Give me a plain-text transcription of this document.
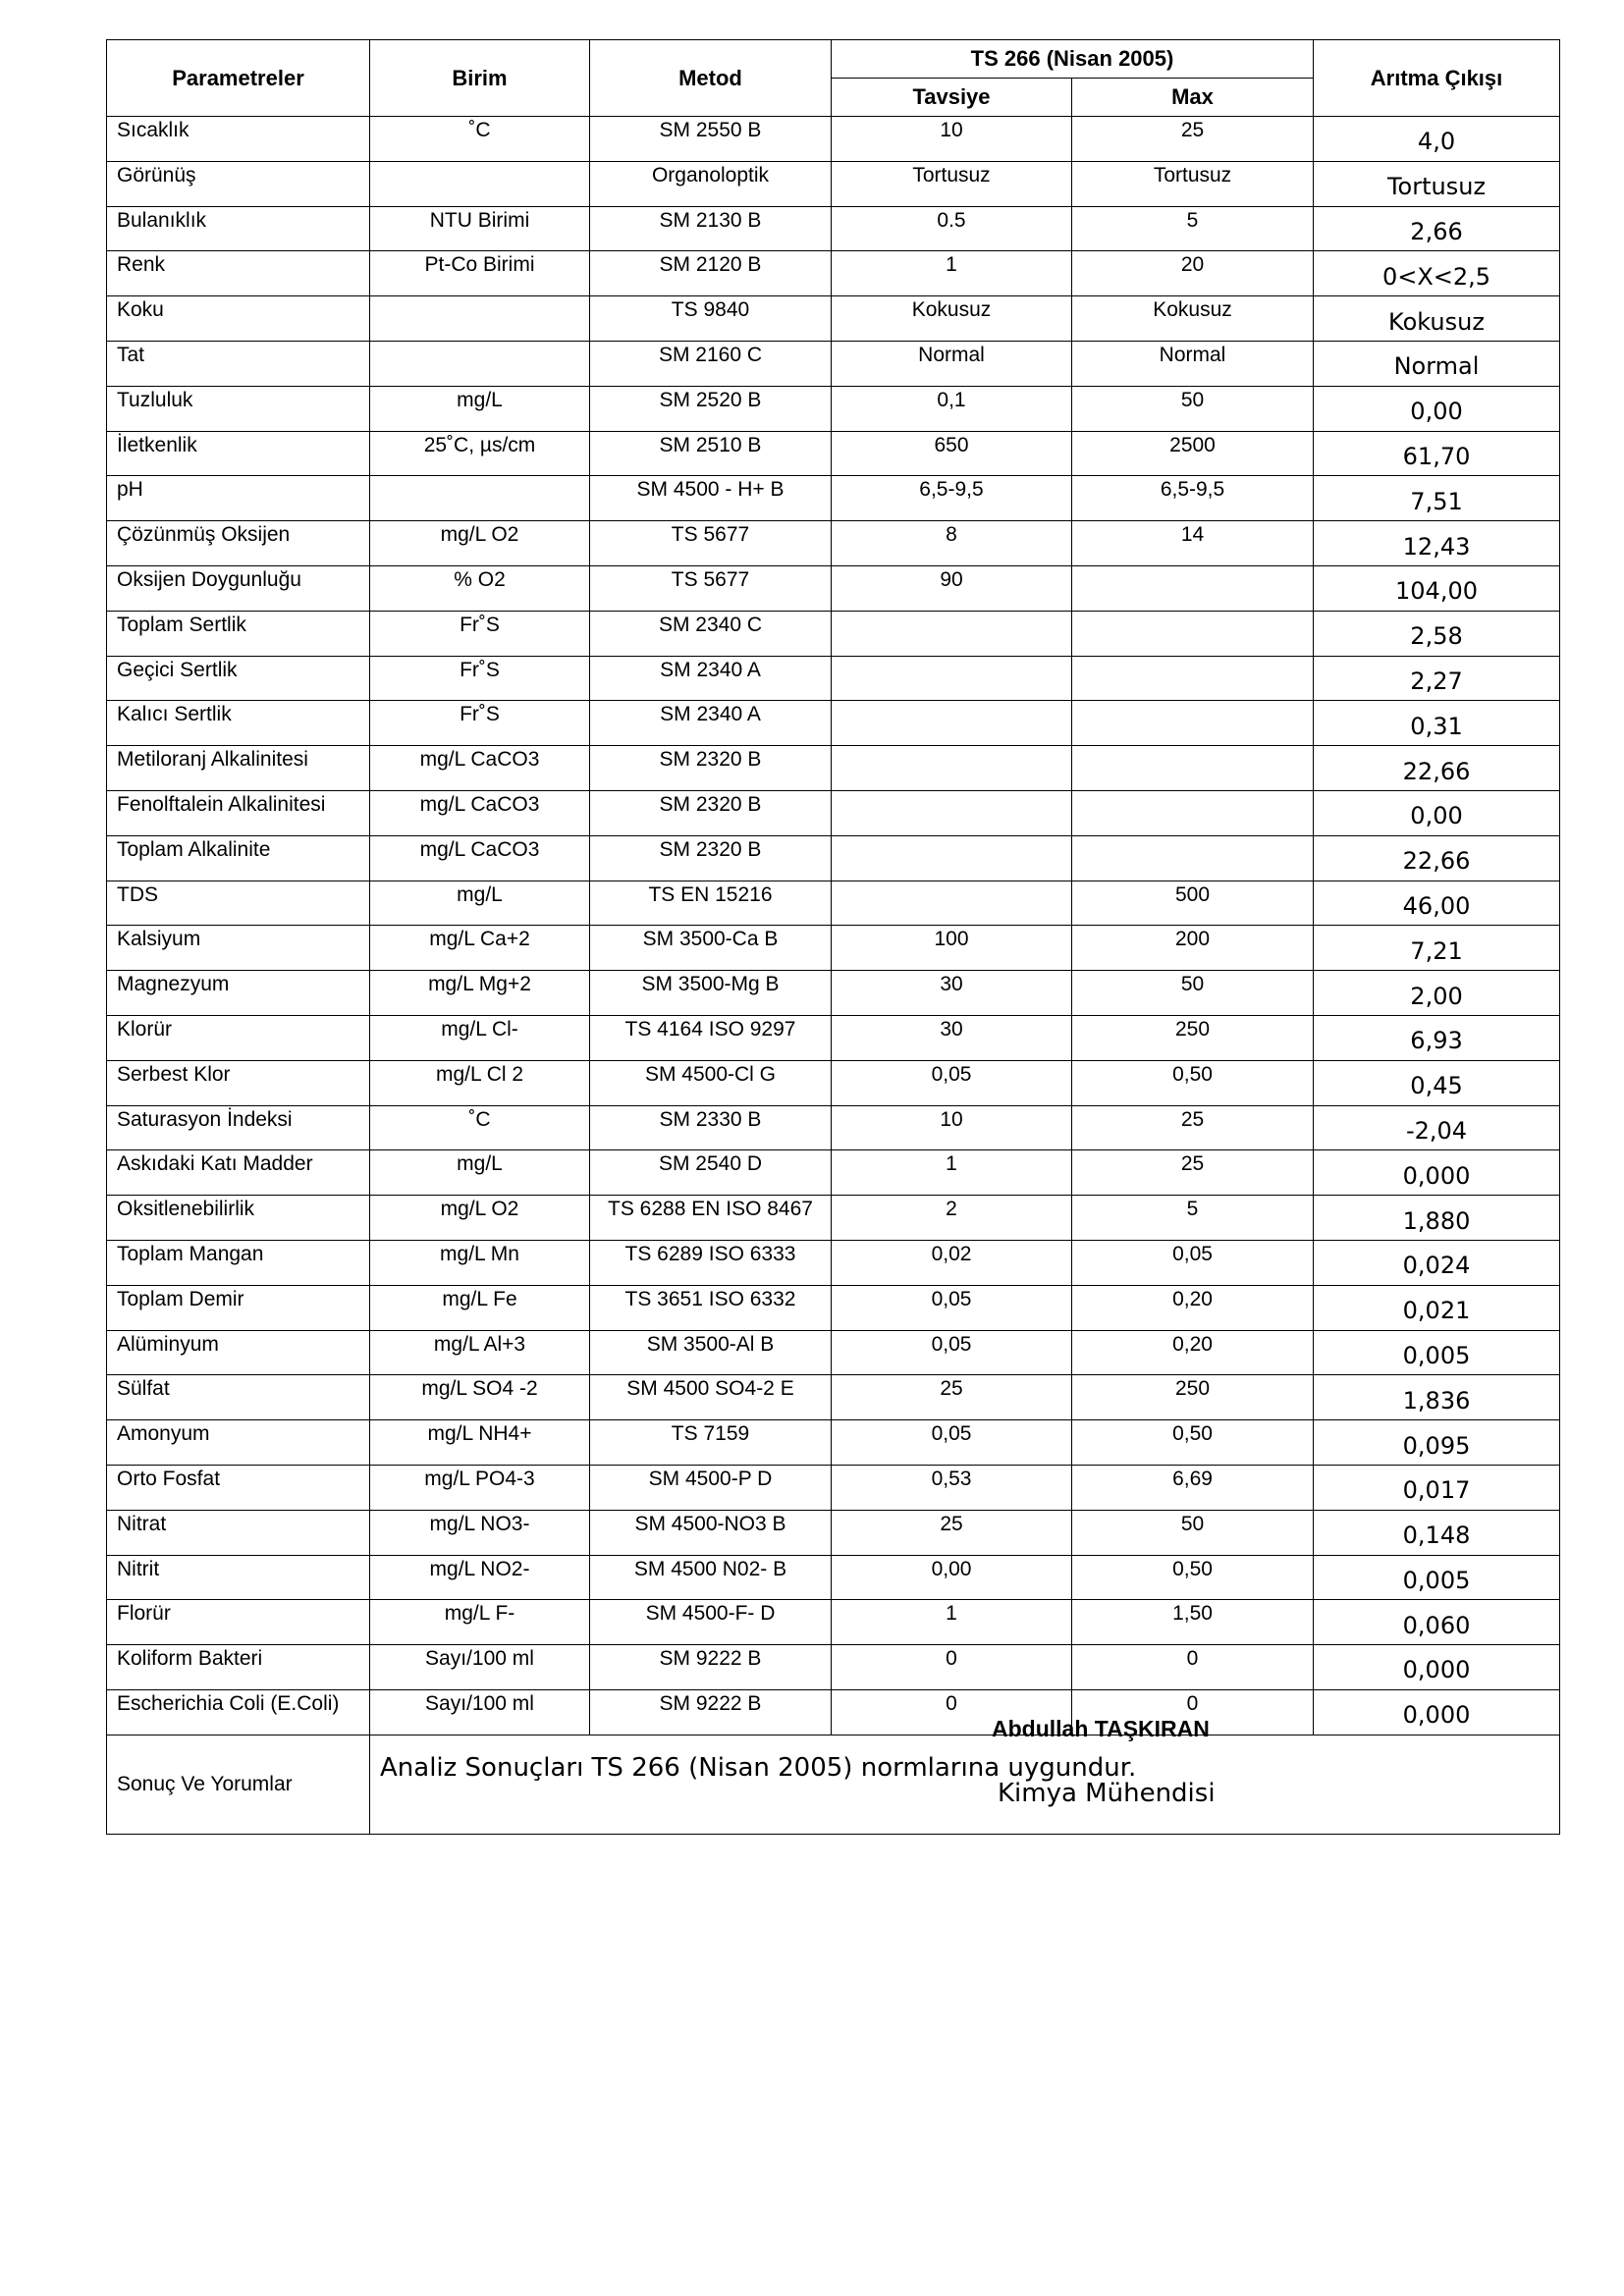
Parametreler	Birim	Metod	TS 266 (Nisan 2005)		Arıtma Çıkışı
			Tavsiye	Max	
Sıcaklık	˚C	SM 2550 B	10	25	4,0
Görünüş		Organoloptik	Tortusuz	Tortusuz	Tortusuz
Bulanıklık	NTU Birimi	SM 2130 B	0.5	5	2,66
Renk	Pt-Co Birimi	SM 2120 B	1	20	0<X<2,5
Koku		TS 9840	Kokusuz	Kokusuz	Kokusuz
Tat		SM 2160 C	Normal	Normal	Normal
Tuzluluk	mg/L	SM 2520 B	0,1	50	0,00
İletkenlik	25˚C, µs/cm	SM 2510 B	650	2500	61,70
pH		SM 4500 - H+ B	6,5-9,5	6,5-9,5	7,51
Çözünmüş Oksijen	mg/L O2	TS 5677	8	14	12,43
Oksijen Doygunluğu	% O2	TS 5677	90		104,00
Toplam Sertlik	Fr˚S	SM 2340 C			2,58
Geçici Sertlik	Fr˚S	SM 2340 A			2,27
Kalıcı Sertlik	Fr˚S	SM 2340 A			0,31
Metiloranj Alkalinitesi	mg/L CaCO3	SM 2320 B			22,66
Fenolftalein Alkalinitesi	mg/L CaCO3	SM 2320 B			0,00
Toplam Alkalinite	mg/L CaCO3	SM 2320 B			22,66
TDS	mg/L	TS EN 15216		500	46,00
Kalsiyum	mg/L Ca+2	SM 3500-Ca B	100	200	7,21
Magnezyum	mg/L Mg+2	SM 3500-Mg B	30	50	2,00
Klorür	mg/L Cl-	TS 4164 ISO 9297	30	250	6,93
Serbest Klor	mg/L Cl 2	SM 4500-Cl G	0,05	0,50	0,45
Saturasyon İndeksi	˚C	SM 2330 B	10	25	-2,04
Askıdaki Katı Madder	mg/L	SM 2540 D	1	25	0,000
Oksitlenebilirlik	mg/L O2	TS 6288 EN ISO 8467	2	5	1,880
Toplam Mangan	mg/L Mn	TS 6289 ISO 6333	0,02	0,05	0,024
Toplam Demir	mg/L Fe	TS 3651 ISO 6332	0,05	0,20	0,021
Alüminyum	mg/L Al+3	SM 3500-Al B	0,05	0,20	0,005
Sülfat	mg/L SO4 -2	SM 4500 SO4-2 E	25	250	1,836
Amonyum	mg/L NH4+	TS 7159	0,05	0,50	0,095
Orto Fosfat	mg/L PO4-3	SM 4500-P D	0,53	6,69	0,017
Nitrat	mg/L NO3-	SM 4500-NO3 B	25	50	0,148
Nitrit	mg/L NO2-	SM 4500 N02- B	0,00	0,50	0,005
Florür	mg/L F-	SM 4500-F- D	1	1,50	0,060
Koliform Bakteri	Sayı/100 ml	SM 9222 B	0	0	0,000
Escherichia Coli (E.Coli)	Sayı/100 ml	SM 9222 B	0	0	0,000
Sonuç Ve Yorumlar	Analiz Sonuçları TS 266 (Nisan 2005) normlarına uygundur.				
Abdullah TAŞKIRAN
Kimya Mühendisi
